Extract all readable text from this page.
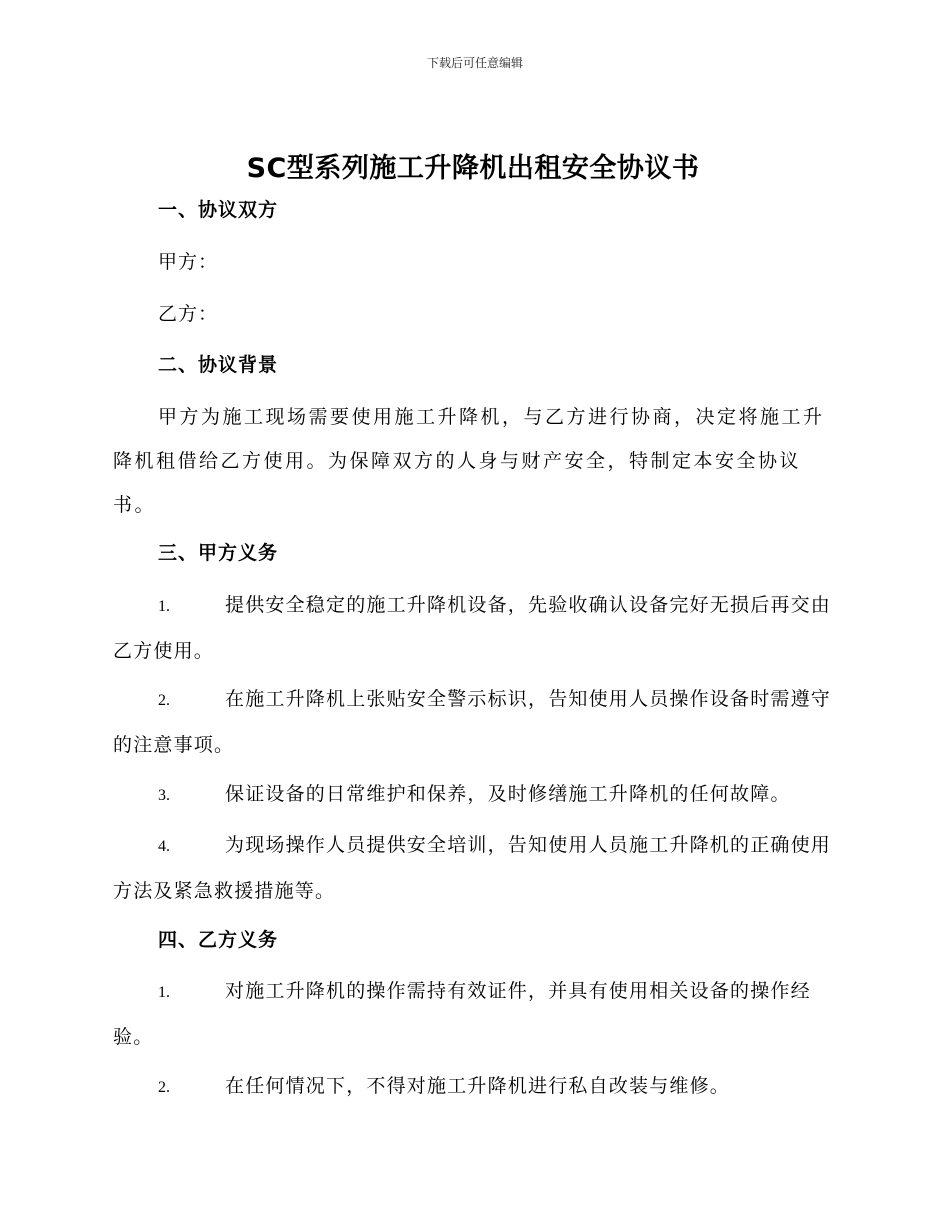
下载后可任意编辑
SC型系列施工升降机出租安全协议书
一、协议双方
甲方：
乙方：
二、协议背景
甲方为施工现场需要使用施工升降机，与乙方进行协商，决定将施工升降机租借给乙方使用。为保障双方的人身与财产安全，特制定本安全协议书。
三、甲方义务
1.	提供安全稳定的施工升降机设备，先验收确认设备完好无损后再交由乙方使用。
2.	在施工升降机上张贴安全警示标识，告知使用人员操作设备时需遵守的注意事项。
3.	保证设备的日常维护和保养，及时修缮施工升降机的任何故障。
4.	为现场操作人员提供安全培训，告知使用人员施工升降机的正确使用方法及紧急救援措施等。
四、乙方义务
1.	对施工升降机的操作需持有效证件，并具有使用相关设备的操作经验。
2.	在任何情况下，不得对施工升降机进行私自改装与维修。
